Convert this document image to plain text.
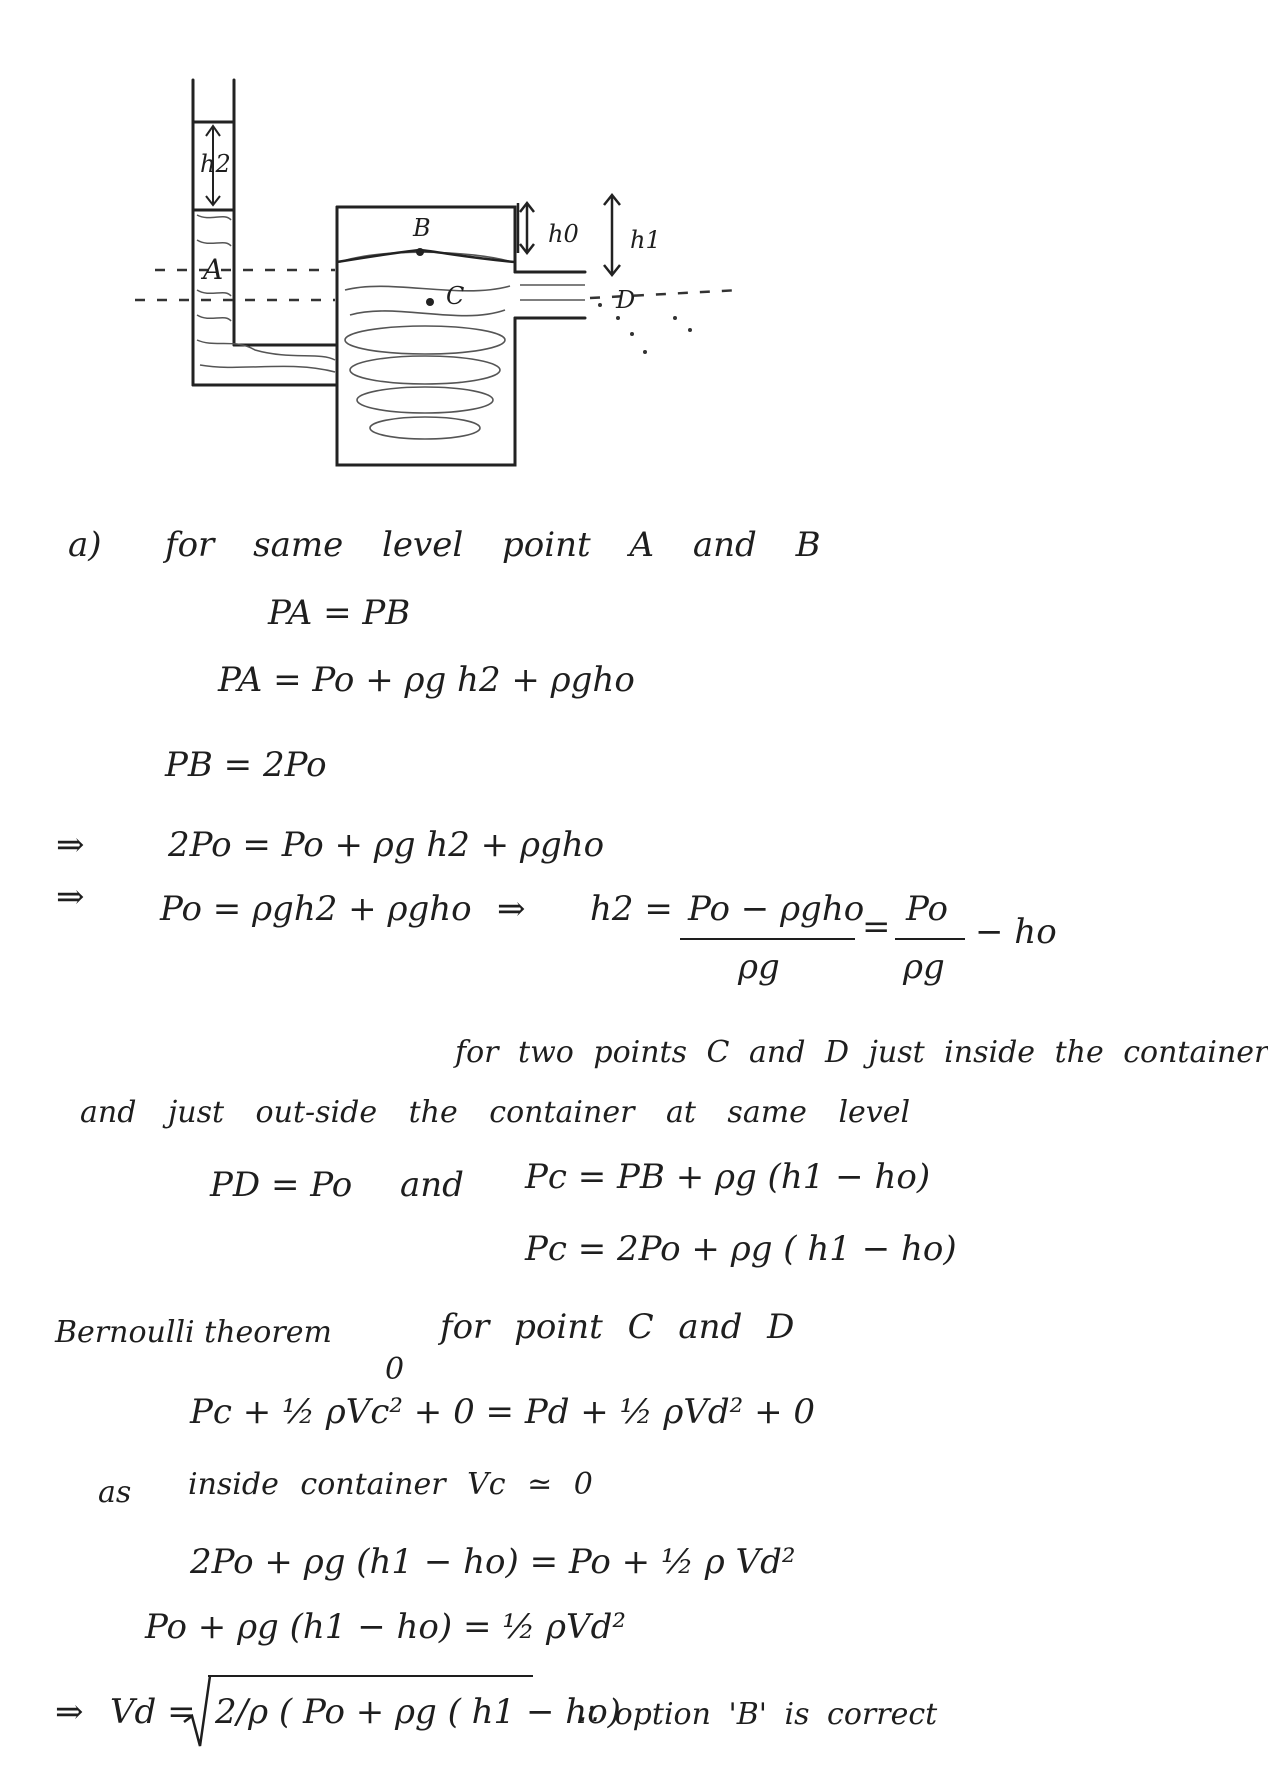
h2
A
B
C	D
h0 h1
a) for same level point A and B
PA = PB
PA = Po + ρg h2 + ρgho
PB = 2Po
⇒ 2Po = Po + ρg h2 + ρgho
⇒ Po = ρgh2 + ρgho ⇒ h2 = Po − ρgho
ρg
= Po
ρg
− ho
for two points C and D just inside the container
and just out-side the container at same level
PD = Po and Pc = PB + ρg (h1 − ho)
Pc = 2Po + ρg ( h1 − ho)
Bernoulli theorem	for point C and D
0
Pc + ½ ρVc² + 0 = Pd + ½ ρVd² + 0
as inside container Vc ≃ 0
2Po + ρg (h1 − ho) = Po + ½ ρ Vd²
Po + ρg (h1 − ho) = ½ ρVd²
⇒ Vd = 2/ρ ( Po + ρg ( h1 − ho)
∴ option 'B' is correct
